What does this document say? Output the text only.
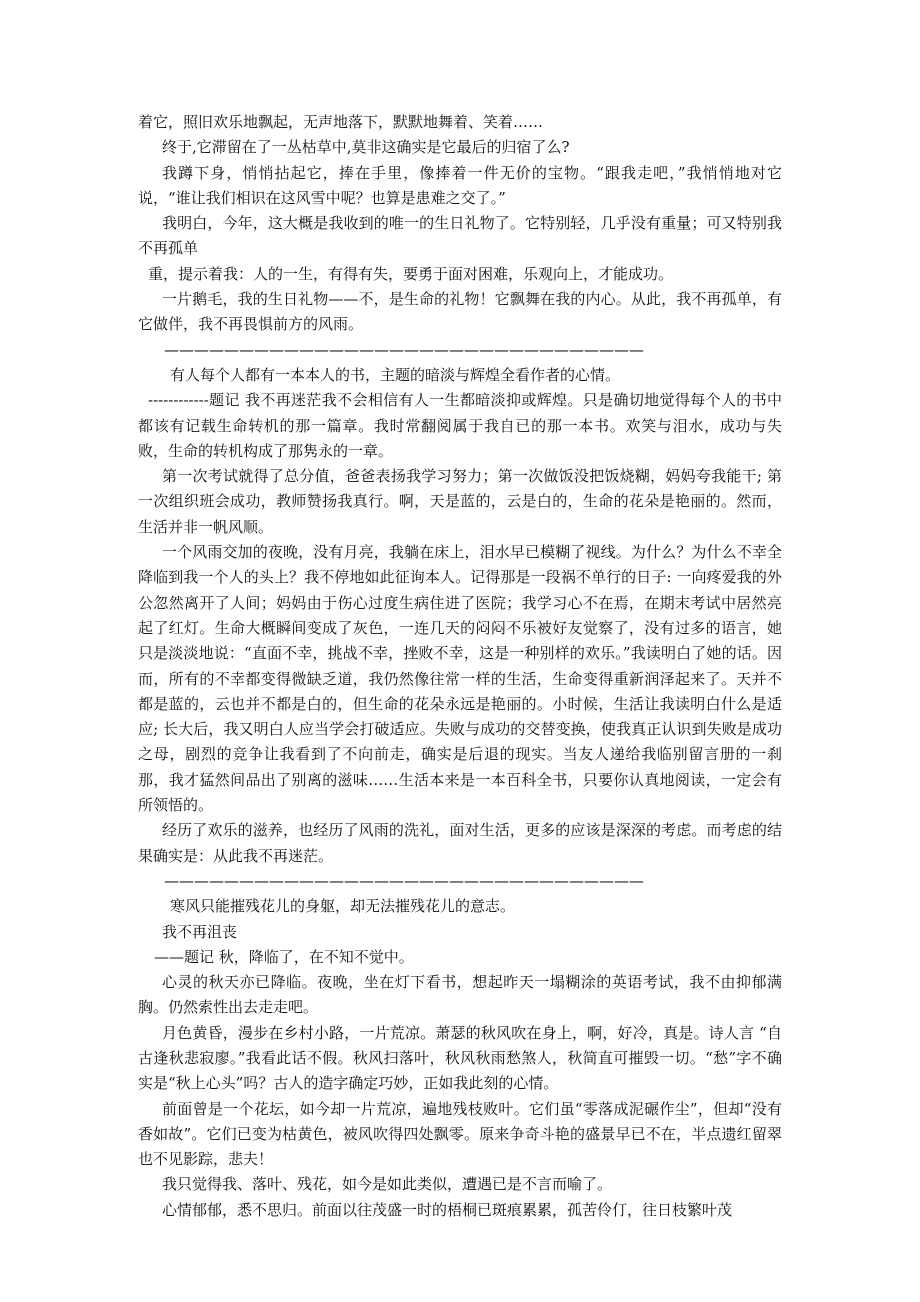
着它，照旧欢乐地飘起，无声地落下，默默地舞着、笑着……

终于,它滞留在了一丛枯草中,莫非这确实是它最后的归宿了么?

我蹲下身，悄悄拈起它，捧在手里，像捧着一件无价的宝物。“跟我走吧，”我悄悄地对它说，“谁让我们相识在这风雪中呢？也算是患难之交了。”

我明白，今年，这大概是我收到的唯一的生日礼物了。它特别轻，几乎没有重量；可又特别我不再孤单

重，提示着我：人的一生，有得有失，要勇于面对困难，乐观向上，才能成功。

一片鹅毛，我的生日礼物——不，是生命的礼物！它飘舞在我的内心。从此，我不再孤单，有它做伴，我不再畏惧前方的风雨。

————————————————————————————————

有人每个人都有一本本人的书，主题的暗淡与辉煌全看作者的心情。

------------题记 我不再迷茫我不会相信有人一生都暗淡抑或辉煌。只是确切地觉得每个人的书中都该有记载生命转机的那一篇章。我时常翻阅属于我自已的那一本书。欢笑与泪水，成功与失败，生命的转机构成了那隽永的一章。

第一次考试就得了总分值，爸爸表扬我学习努力；第一次做饭没把饭烧糊，妈妈夸我能干; 第一次组织班会成功，教师赞扬我真行。啊，天是蓝的，云是白的，生命的花朵是艳丽的。然而，生活并非一帆风顺。

一个风雨交加的夜晚，没有月亮，我躺在床上，泪水早已模糊了视线。为什么？为什么不幸全降临到我一个人的头上？我不停地如此征询本人。记得那是一段祸不单行的日子: 一向疼爱我的外公忽然离开了人间；妈妈由于伤心过度生病住进了医院；我学习心不在焉，在期末考试中居然亮起了红灯。生命大概瞬间变成了灰色，一连几天的闷闷不乐被好友觉察了，没有过多的语言，她只是淡淡地说：“直面不幸，挑战不幸，挫败不幸，这是一种别样的欢乐。”我读明白了她的话。因而，所有的不幸都变得微缺乏道，我仍然像往常一样的生活，生命变得重新润泽起来了。天并不都是蓝的，云也并不都是白的，但生命的花朵永远是艳丽的。小时候，生活让我读明白什么是适应; 长大后，我又明白人应当学会打破适应。失败与成功的交替变换，使我真正认识到失败是成功之母，剧烈的竞争让我看到了不向前走，确实是后退的现实。当友人递给我临别留言册的一刹那，我才猛然间品出了别离的滋味……生活本来是一本百科全书，只要你认真地阅读，一定会有所领悟的。

经历了欢乐的滋养，也经历了风雨的洗礼，面对生活，更多的应该是深深的考虑。而考虑的结果确实是：从此我不再迷茫。

————————————————————————————————

寒风只能摧残花儿的身躯，却无法摧残花儿的意志。

我不再沮丧

——题记 秋，降临了，在不知不觉中。

心灵的秋天亦已降临。夜晚，坐在灯下看书，想起昨天一塌糊涂的英语考试，我不由抑郁满胸。仍然索性出去走走吧。

月色黄昏，漫步在乡村小路，一片荒凉。萧瑟的秋风吹在身上，啊，好冷，真是。诗人言 “自古逢秋悲寂廖。”我看此话不假。秋风扫落叶，秋风秋雨愁煞人，秋简直可摧毁一切。“愁”字不确实是“秋上心头”吗？古人的造字确定巧妙，正如我此刻的心情。

前面曾是一个花坛，如今却一片荒凉，遍地残枝败叶。它们虽“零落成泥碾作尘”，但却“没有香如故”。它们已变为枯黄色，被风吹得四处飘零。原来争奇斗艳的盛景早已不在，半点遗红留翠也不见影踪，悲夫！

我只觉得我、落叶、残花，如今是如此类似，遭遇已是不言而喻了。

心情郁郁，悉不思归。前面以往茂盛一时的梧桐已斑痕累累，孤苦伶仃，往日枝繁叶茂
